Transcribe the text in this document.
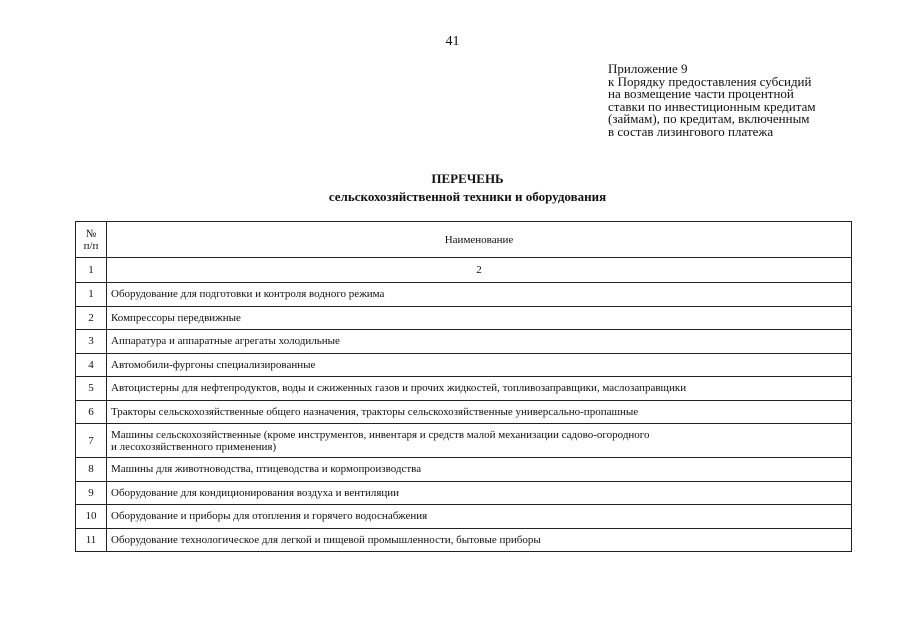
41
Приложение 9
к Порядку предоставления субсидий
на возмещение части процентной
ставки по инвестиционным кредитам
(займам), по кредитам, включенным
в состав лизингового платежа
ПЕРЕЧЕНЬ
сельскохозяйственной техники и оборудования
№
п/п	Наименование
1	2
1	Оборудование для подготовки и контроля водного режима
2	Компрессоры передвижные
3	Аппаратура и аппаратные агрегаты холодильные
4	Автомобили-фургоны специализированные
5	Автоцистерны для нефтепродуктов, воды и сжиженных газов и прочих жидкостей, топливозаправщики, маслозаправщики
6	Тракторы сельскохозяйственные общего назначения, тракторы сельскохозяйственные универсально-пропашные
7	Машины сельскохозяйственные (кроме инструментов, инвентаря и средств малой механизации садово-огородного
и лесохозяйственного применения)

8	Машины для животноводства, птицеводства и кормопроизводства
9	Оборудование для кондиционирования воздуха и вентиляции
10	Оборудование и приборы для отопления и горячего водоснабжения
11	Оборудование технологическое для легкой и пищевой промышленности, бытовые приборы
